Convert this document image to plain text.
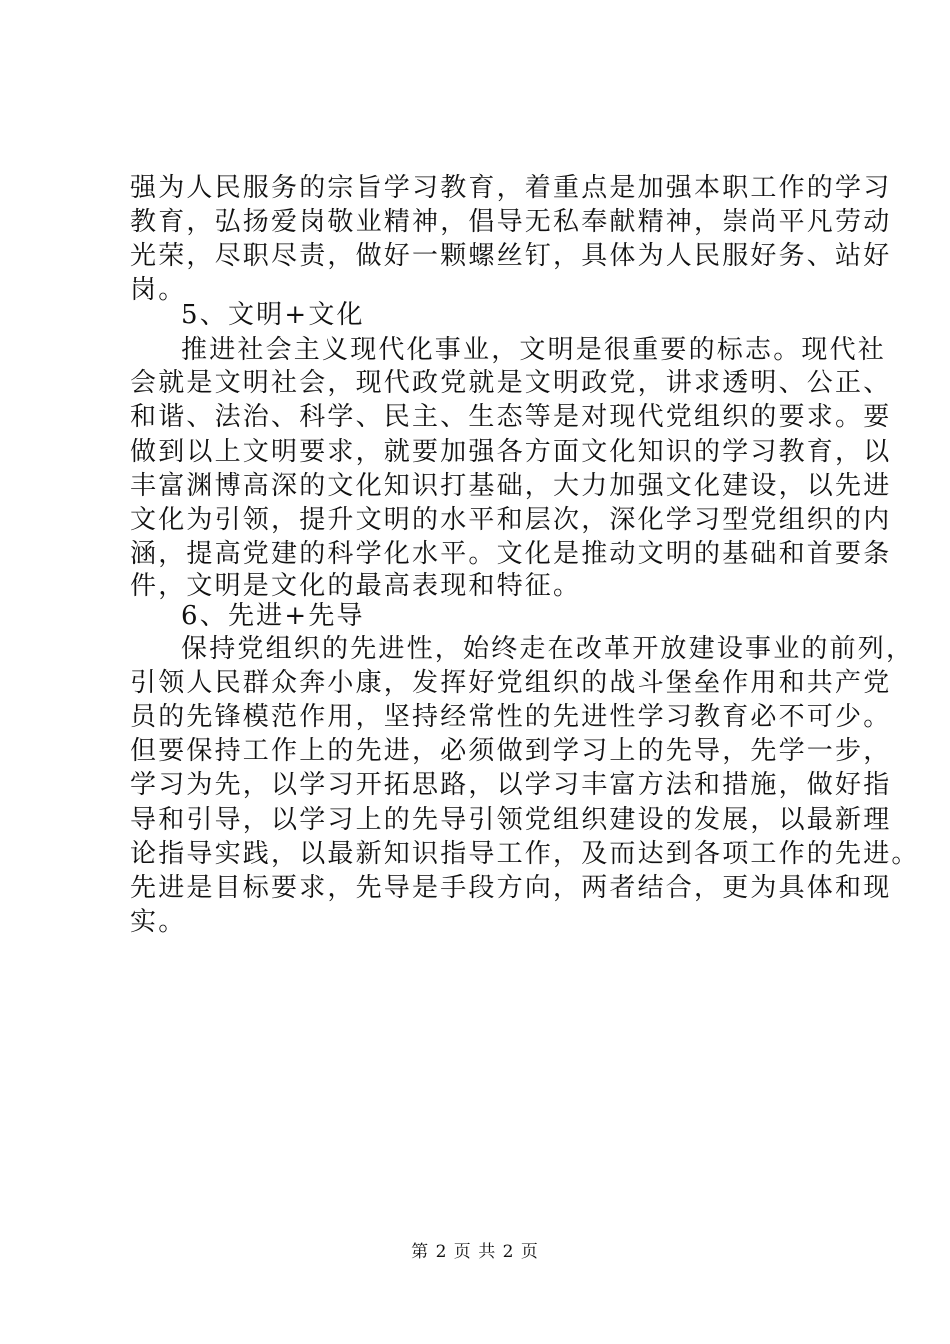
强为人民服务的宗旨学习教育，着重点是加强本职工作的学习
教育，弘扬爱岗敬业精神，倡导无私奉献精神，崇尚平凡劳动
光荣，尽职尽责，做好一颗螺丝钉，具体为人民服好务、站好
岗。
5、文明+文化
推进社会主义现代化事业，文明是很重要的标志。现代社
会就是文明社会，现代政党就是文明政党，讲求透明、公正、
和谐、法治、科学、民主、生态等是对现代党组织的要求。要
做到以上文明要求，就要加强各方面文化知识的学习教育，以
丰富渊博高深的文化知识打基础，大力加强文化建设，以先进
文化为引领，提升文明的水平和层次，深化学习型党组织的内
涵，提高党建的科学化水平。文化是推动文明的基础和首要条
件，文明是文化的最高表现和特征。
6、先进+先导
保持党组织的先进性，始终走在改革开放建设事业的前列，
引领人民群众奔小康，发挥好党组织的战斗堡垒作用和共产党
员的先锋模范作用，坚持经常性的先进性学习教育必不可少。
但要保持工作上的先进，必须做到学习上的先导，先学一步，
学习为先，以学习开拓思路，以学习丰富方法和措施，做好指
导和引导，以学习上的先导引领党组织建设的发展，以最新理
论指导实践，以最新知识指导工作，及而达到各项工作的先进。
先进是目标要求，先导是手段方向，两者结合，更为具体和现
实。
第 2 页 共 2 页
